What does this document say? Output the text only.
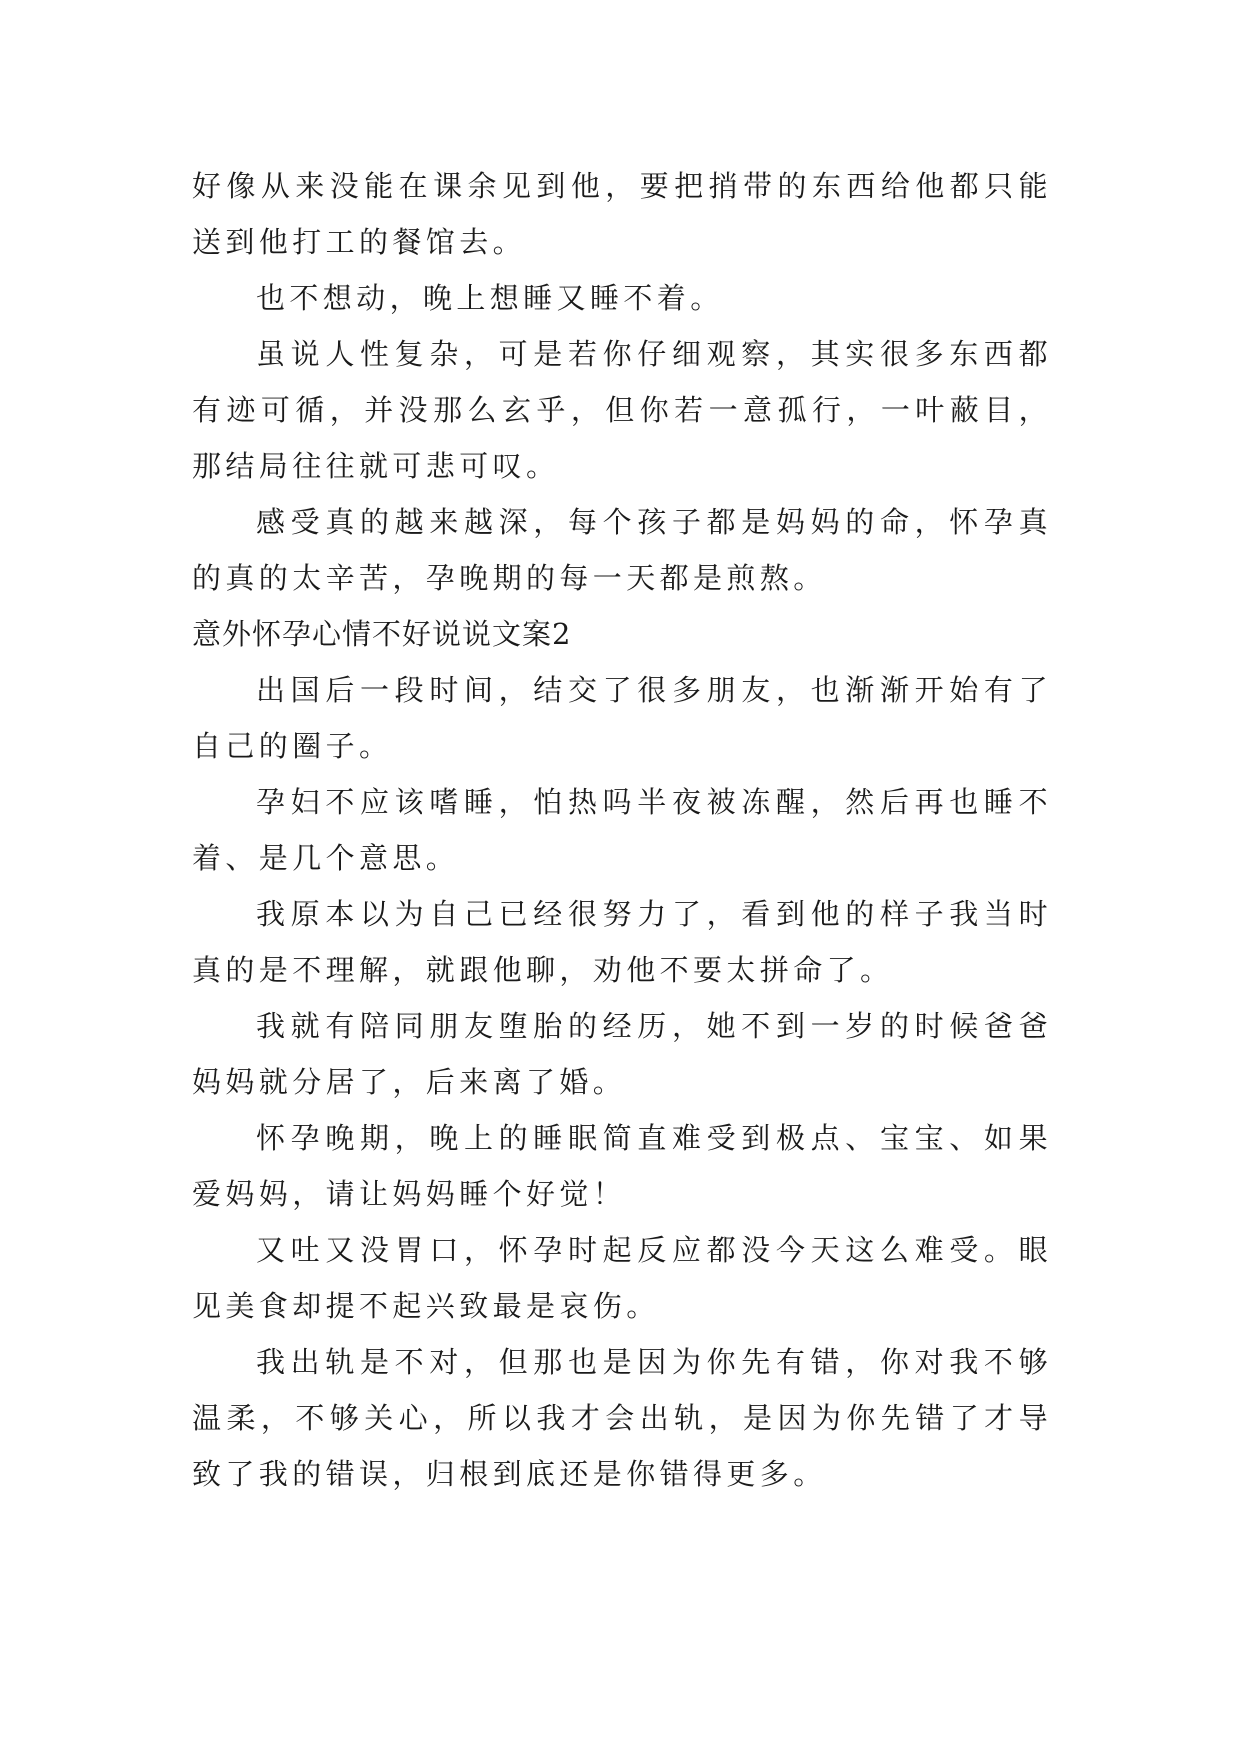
好像从来没能在课余见到他，要把捎带的东西给他都只能送到他打工的餐馆去。

也不想动，晚上想睡又睡不着。

虽说人性复杂，可是若你仔细观察，其实很多东西都有迹可循，并没那么玄乎，但你若一意孤行，一叶蔽目，那结局往往就可悲可叹。

感受真的越来越深，每个孩子都是妈妈的命，怀孕真的真的太辛苦，孕晚期的每一天都是煎熬。

意外怀孕心情不好说说文案2

出国后一段时间，结交了很多朋友，也渐渐开始有了自己的圈子。

孕妇不应该嗜睡，怕热吗半夜被冻醒，然后再也睡不着、是几个意思。

我原本以为自己已经很努力了，看到他的样子我当时真的是不理解，就跟他聊，劝他不要太拼命了。

我就有陪同朋友堕胎的经历，她不到一岁的时候爸爸妈妈就分居了，后来离了婚。

怀孕晚期，晚上的睡眠简直难受到极点、宝宝、如果爱妈妈，请让妈妈睡个好觉！

又吐又没胃口，怀孕时起反应都没今天这么难受。眼见美食却提不起兴致最是哀伤。

我出轨是不对，但那也是因为你先有错，你对我不够温柔，不够关心，所以我才会出轨，是因为你先错了才导致了我的错误，归根到底还是你错得更多。
